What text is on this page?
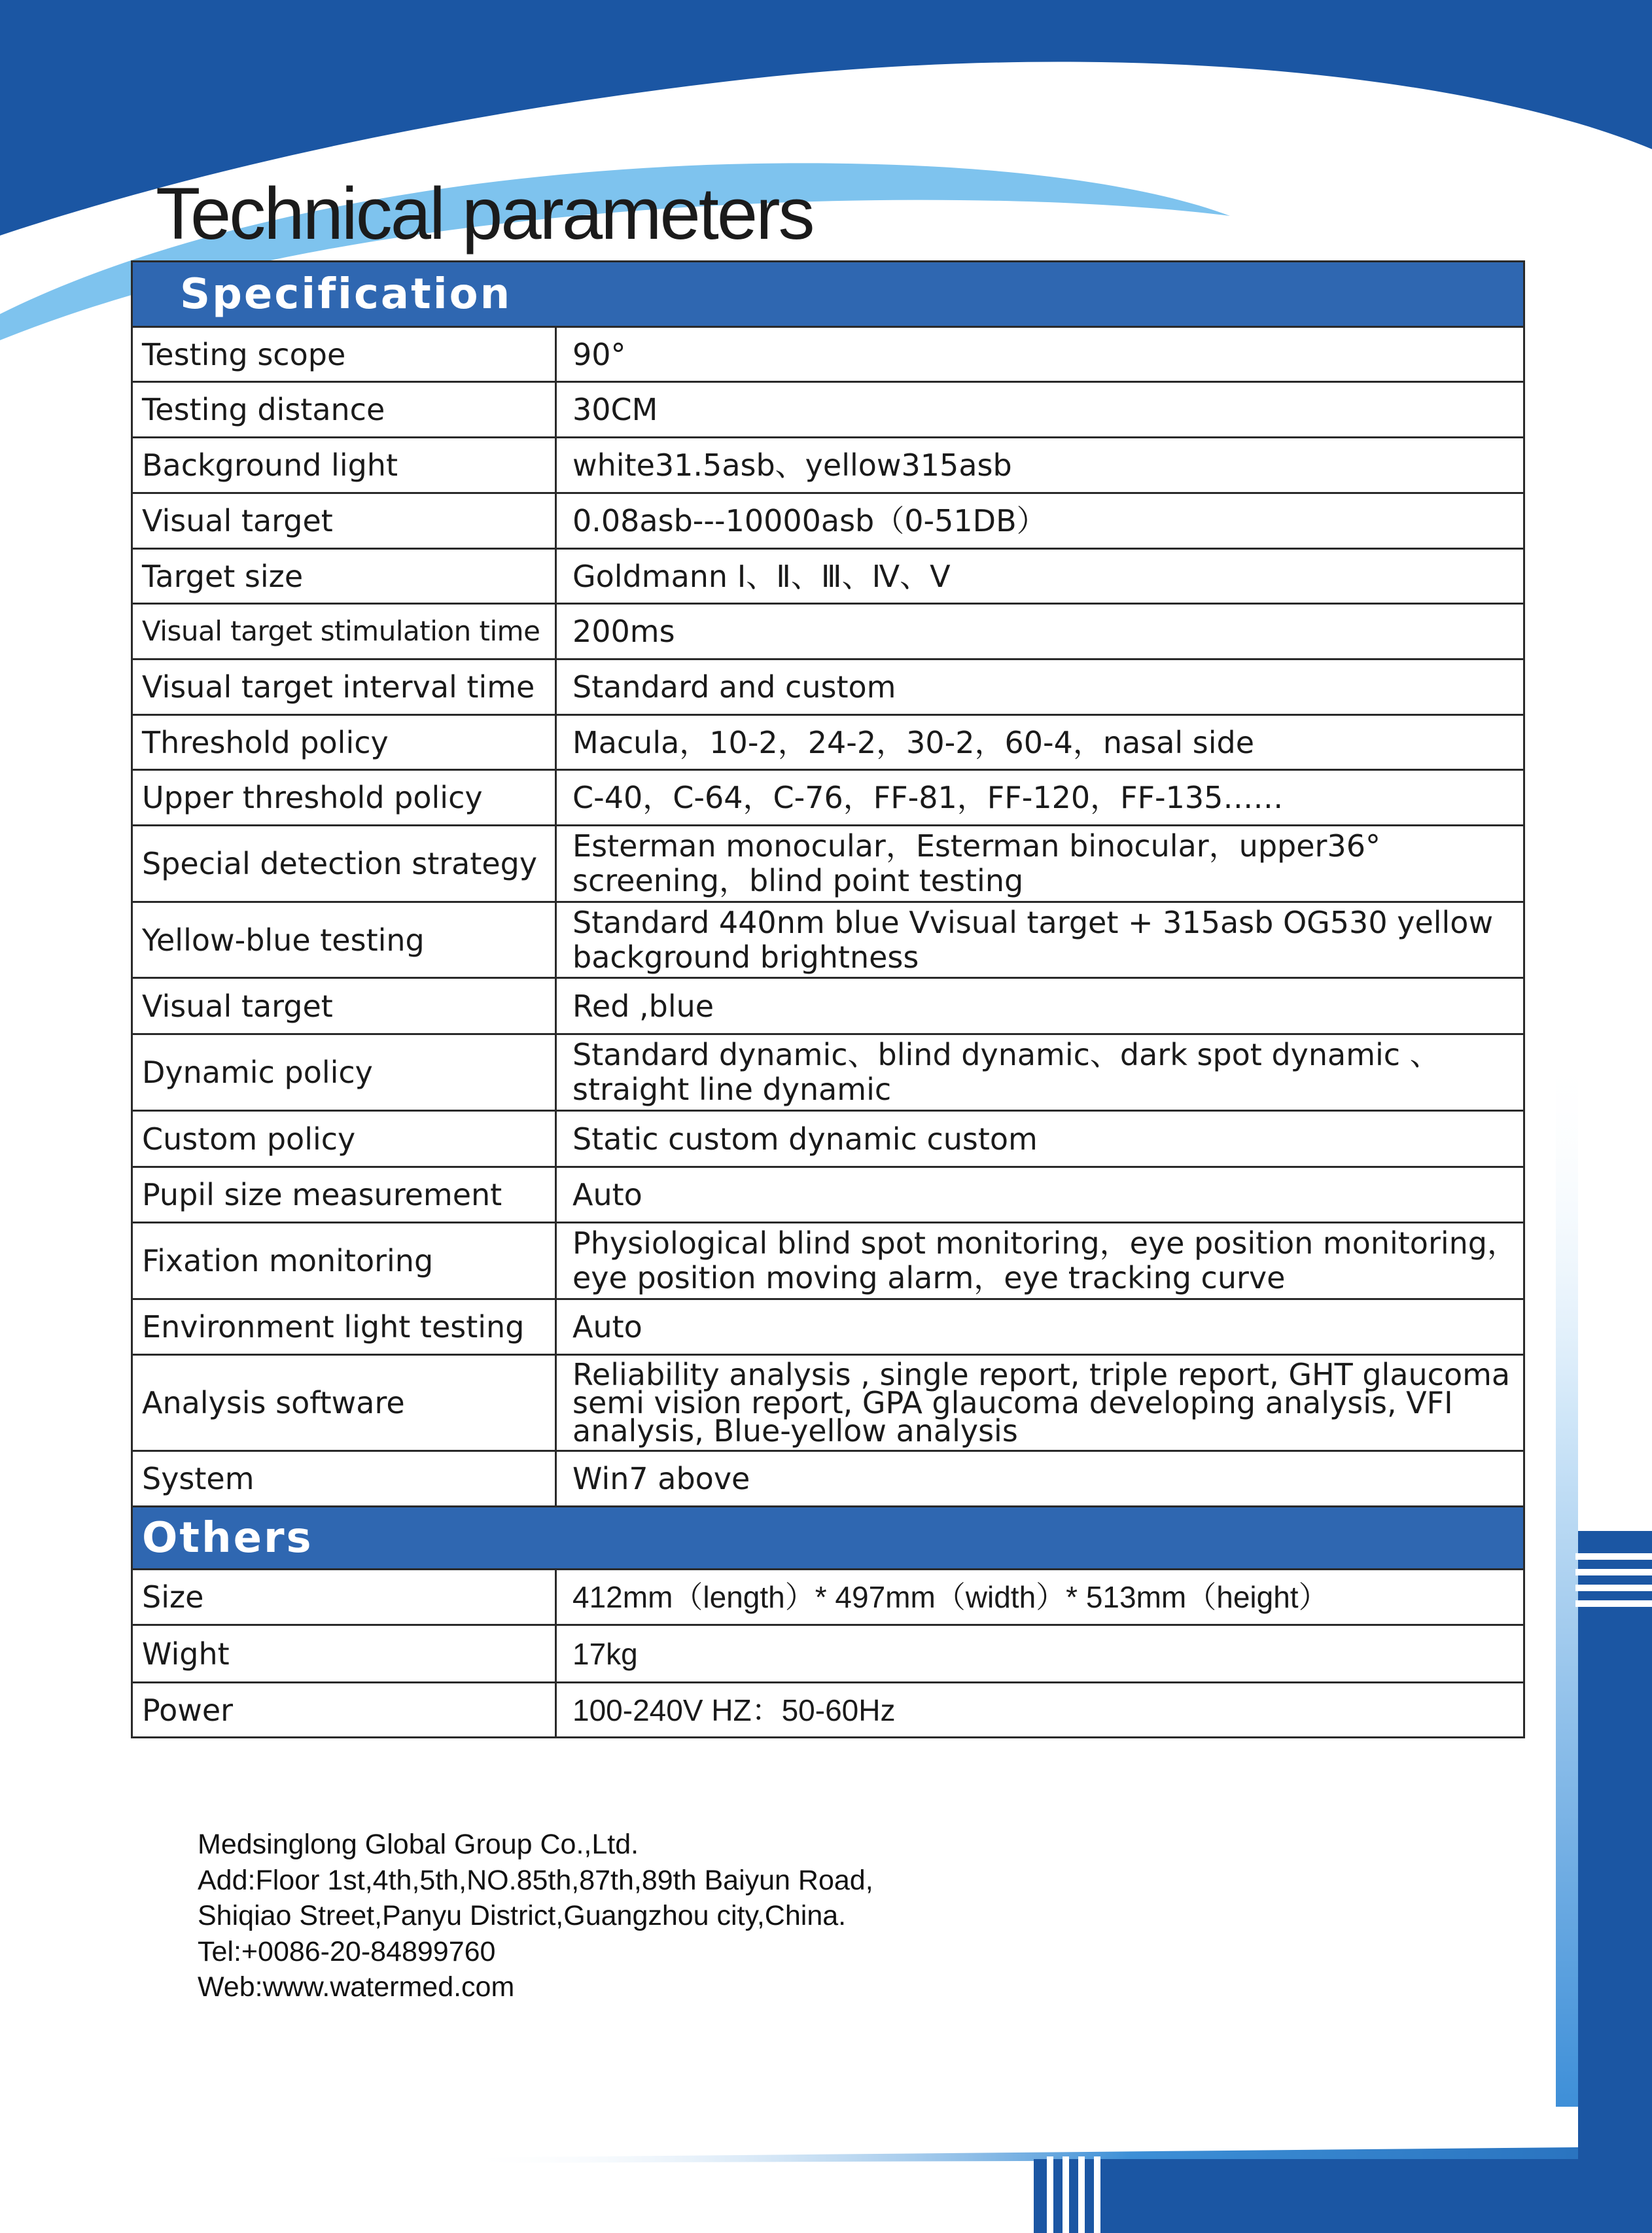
Technical parameters
Specification	
Testing scope	90°
Testing distance	30CM
Background light	white31.5asb、yellow315asb
Visual target	0.08asb---10000asb（0-51DB）
Target size	Goldmann Ⅰ、Ⅱ、Ⅲ、Ⅳ、Ⅴ
Visual target stimulation time	200ms
Visual target interval time	Standard and custom
Threshold policy	Macula，10-2，24-2，30-2，60-4，nasal side
Upper threshold policy	C-40，C-64，C-76，FF-81，FF-120，FF-135……
Special detection strategy	Esterman monocular，Esterman binocular，upper36° screening，blind point testing
Yellow-blue testing	Standard 440nm blue Ⅴvisual target + 315asb OG530 yellow background brightness
Visual target	Red ,blue
Dynamic policy	Standard dynamic、blind dynamic、dark spot dynamic 、straight line dynamic
Custom policy	Static custom dynamic custom
Pupil size measurement	Auto
Fixation monitoring	Physiological blind spot monitoring，eye position monitoring，eye position moving alarm，eye tracking curve
Environment light testing	Auto
Analysis software	Reliability analysis , single report, triple report, GHT glaucoma semi vision report, GPA glaucoma developing analysis, VFI analysis, Blue-yellow analysis
System	Win7 above
Others	
Size	412mm（length）* 497mm（width）* 513mm（height）
Wight	17kg
Power	100-240V HZ：50-60Hz
Medsinglong Global Group Co.,Ltd.
Add:Floor 1st,4th,5th,NO.85th,87th,89th Baiyun Road,
Shiqiao Street,Panyu District,Guangzhou city,China.
Tel:+0086-20-84899760
Web:www.watermed.com
